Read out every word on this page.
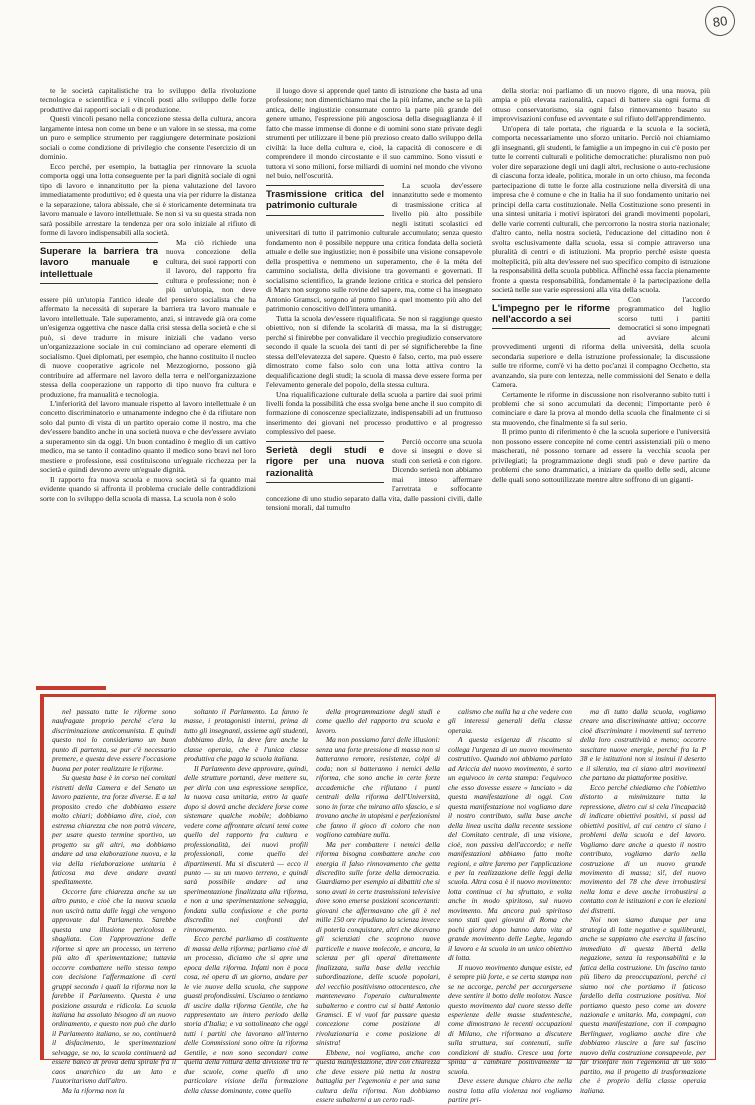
80

te le società capitalistiche tra lo sviluppo della rivoluzione tecnologica e scientifica e i vincoli posti allo sviluppo delle forze produttive dai rapporti sociali e di produzione.

Questi vincoli pesano nella concezione stessa della cultura, ancora largamente intesa non come un bene e un valore in se stessa, ma come un puro e semplice strumento per raggiungere determinate posizioni sociali o come condizione di privilegio che consente l'esercizio di un dominio.

Ecco perché, per esempio, la battaglia per rinnovare la scuola comporta oggi una lotta conseguente per la pari dignità sociale di ogni tipo di lavoro e innanzitutto per la piena valutazione del lavoro immediatamente produttivo; ed è questa una via per ridurre la distanza e la separazione, talora abissale, che si è storicamente determinata tra lavoro manuale e lavoro intellettuale. Se non si va su questa strada non sarà possibile arrestare la tendenza per ora solo iniziale al rifiuto di forme di lavoro indispensabili alla società.

Superare la barriera tra lavoro manuale e intellettuale

Ma ciò richiede una nuova concezione della cultura, dei suoi rapporti con il lavoro, del rapporto fra cultura e professione; non è più un'utopia, non deve essere più un'utopia l'antico ideale del pensiero socialista che ha affermato la necessità di superare la barriera tra lavoro manuale e lavoro intellettuale. Tale superamento, anzi, si intravede già ora come un'esigenza oggettiva che nasce dalla crisi stessa della società e che si può, si deve tradurre in misure iniziali che vadano verso un'organizzazione sociale in cui cominciano ad operare elementi di socialismo. Quei diplomati, per esempio, che hanno costituito il nucleo di nuove cooperative agricole nel Mezzogiorno, possono già contribuire ad affermare nel lavoro della terra e nell'organizzazione stessa della cooperazione un rapporto di tipo nuovo fra cultura e produzione, fra manualità e tecnologia.

L'inferiorità del lavoro manuale rispetto al lavoro intellettuale è un concetto discriminatorio e umanamente indegno che è da rifiutare non solo dal punto di vista di un partito operaio come il nostro, ma che dev'essere bandito anche in una società nuova e che dev'essere avviato a superamento sin da oggi. Un buon contadino è meglio di un cattivo medico, ma se tanto il contadino quanto il medico sono bravi nel loro mestiere e professione, essi costituiscono un'eguale ricchezza per la società e quindi devono avere un'eguale dignità.

Il rapporto fra nuova scuola e nuova società si fa quanto mai evidente quando si affronta il problema cruciale delle contraddizioni sorte con lo sviluppo della scuola di massa. La scuola non è solo

il luogo dove si apprende quel tanto di istruzione che basta ad una professione; non dimentichiamo mai che la più infame, anche se la più antica, delle ingiustizie consumate contro la parte più grande del genere umano, l'espressione più angosciosa della diseguaglianza è il fatto che masse immense di donne e di uomini sono state private degli strumenti per utilizzare il bene più prezioso creato dallo sviluppo della civiltà: la luce della cultura e, cioè, la capacità di conoscere e di comprendere il mondo circostante e il suo cammino. Sono vissuti e tuttora vi sono milioni, forse miliardi di uomini nel mondo che vivono nel buio, nell'oscurità.

Trasmissione critica del patrimonio culturale

La scuola dev'essere innanzitutto sede e momento di trasmissione critica al livello più alto possibile negli istituti scolastici ed universitari di tutto il patrimonio culturale accumulato; senza questo fondamento non è possibile neppure una critica fondata della società attuale e delle sue ingiustizie; non è possibile una visione consapevole della prospettiva e nemmeno un superamento, che è la méta del cammino socialista, della divisione tra governanti e governati. Il socialismo scientifico, la grande lezione critica e storica del pensiero di Marx non sorgono sulle rovine del sapere, ma, come ci ha insegnato Antonio Gramsci, sorgono al punto fino a quel momento più alto del patrimonio conoscitivo dell'intera umanità.

Tutta la scuola dev'essere riqualificata. Se non si raggiunge questo obiettivo, non si difende la scolarità di massa, ma la si distrugge; perché si finirebbe per convalidare il vecchio pregiudizio conservatore secondo il quale la scuola dei tanti di per sé significherebbe la fine stessa dell'elevatezza del sapere. Questo è falso, certo, ma può essere dimostrato come falso solo con una lotta attiva contro la dequalificazione degli studi; la scuola di massa deve essere forma per l'elevamento generale del popolo, della stessa cultura.

Una riqualificazione culturale della scuola a partire dai suoi primi livelli fonda la possibilità che essa svolga bene anche il suo compito di formazione di conoscenze specializzate, indispensabili ad un fruttuoso inserimento dei giovani nel processo produttivo e al progresso complessivo del paese.

Serietà degli studi e rigore per una nuova razionalità

Perciò occorre una scuola dove si insegni e dove si studi con serietà e con rigore. Dicendo serietà non abbiamo mai inteso affermare l'arretrata e soffocante concezione di uno studio separato dalla vita, dalle passioni civili, dalle tensioni morali, dal tumulto

della storia: noi parliamo di un nuovo rigore, di una nuova, più ampia e più elevata razionalità, capaci di battere sia ogni forma di ottuso conservatorismo, sia ogni falso rinnovamento basato su improvvisazioni confuse ed avventate e sul rifiuto dell'apprendimento.

Un'opera di tale portata, che riguarda e la scuola e la società, comporta necessariamente uno sforzo unitario. Perciò noi chiamiamo gli insegnanti, gli studenti, le famiglie a un impegno in cui c'è posto per tutte le correnti culturali e politiche democratiche: pluralismo non può voler dire separazione degli uni dagli altri, reclusione o auto-reclusione di ciascuna forza ideale, politica, morale in un orto chiuso, ma feconda partecipazione di tutte le forze alla costruzione nella diversità di una impresa che è comune e che in Italia ha il suo fondamento unitario nei principi della carta costituzionale. Nella Costituzione sono presenti in una sintesi unitaria i motivi ispiratori dei grandi movimenti popolari, delle varie correnti culturali, che percorrono la nostra storia nazionale; d'altro canto, nella nostra società, l'educazione del cittadino non è svolta esclusivamente dalla scuola, essa si compie attraverso una pluralità di centri e di istituzioni. Ma proprio perché esiste questa molteplicità, più alta dev'essere nel suo specifico compito di istruzione la responsabilità della scuola pubblica. Affinché essa faccia pienamente fronte a questa responsabilità, fondamentale è la partecipazione della società nelle sue varie espressioni alla vita della scuola.

L'impegno per le riforme nell'accordo a sei

Con l'accordo programmatico del luglio scorso tutti i partiti democratici si sono impegnati ad avviare alcuni provvedimenti urgenti di riforma della università, della scuola secondaria superiore e della istruzione professionale; la discussione sulle tre riforme, com'è vi ha detto poc'anzi il compagno Occhetto, sta avanzando, sia pure con lentezza, nelle commissioni del Senato e della Camera.

Certamente le riforme in discussione non risolveranno subito tutti i problemi che si sono accumulati da decenni; l'importante però è cominciare e dare la prova al mondo della scuola che finalmente ci si sta muovendo, che finalmente si fa sul serio.

Il primo punto di riferimento è che la scuola superiore e l'università non possono essere concepite né come centri assistenziali più o meno mascherati, né possono tornare ad essere la vecchia scuola per privilegiati; la programmazione degli studi può e deve partire da problemi che sono drammatici, a iniziare da quello delle sedi, alcune delle quali sono sottoutilizzate mentre altre soffrono di un giganti-

nel passato tutte le riforme sono naufragate proprio perché c'era la discriminazione anticomunista. E quindi questo noi lo consideriamo un buon punto di partenza, se pur c'è necessario premere, e questa deve essere l'occasione buona per poter realizzare le riforme.

Su questa base è in corso nei comitati ristretti della Camera e del Senato un lavoro paziente, tra forze diverse. E a tal proposito credo che dobbiamo essere molto chiari; dobbiamo dire, cioè, con estrema chiarezza che non potrà vincere, per usare questo termine sportivo, un progetto su gli altri, ma dobbiamo andare ad una elaborazione nuova, e la via della rielaborazione unitaria è faticosa ma deve andare avanti speditamente.

Occorre fare chiarezza anche su un altro punto, e cioè che la nuova scuola non uscirà tutta dalle leggi che vengono approvate dal Parlamento. Sarebbe questa una illusione pericolosa e sbagliata. Con l'approvazione delle riforme si apre un processo, un terreno più alto di sperimentazione; tuttavia occorre combattere nello stesso tempo con decisione l'affermazione di certi gruppi secondo i quali la riforma non la farebbe il Parlamento. Questa è una posizione assurda e ridicola. La scuola italiana ha assoluto bisogno di un nuovo ordinamento, e questo non può che darlo il Parlamento italiano, se no, continuerà il disfacimento, le sperimentazioni selvagge, se no, la scuola continuerà ad essere banco di prova della spirale fra il caos anarchico da un lato e l'autoritarismo dall'altro.

Ma la riforma non la

soltanto il Parlamento. La fanno le masse, i protagonisti interni, prima di tutto gli insegnanti, assieme agli studenti, dobbiamo dirlo, la deve fare anche la classe operaia, che è l'unica classe produttiva che paga la scuola italiana.

Il Parlamento deve approvare, quindi, delle strutture portanti, deve mettere su, per dirla con una espressione semplice, la nuova casa unitaria, entro la quale dopo si dovrà anche decidere forse come sistemare qualche mobile; dobbiamo vedere come affrontare alcuni temi come quello del rapporto fra cultura e professionalità, dei nuovi profili professionali, come quello dei dipartimenti. Ma si discuterà — ecco il punto — su un nuovo terreno, e quindi sarà possibile andare ad una sperimentazione finalizzata alla riforma, e non a una sperimentazione selvaggia, fondata sulla confusione e che porta discredito nei confronti del rinnovamento.

Ecco perché parliamo di costituente di massa della riforma; parliamo cioè di un processo, diciamo che si apre una epoca della riforma. Infatti non è poca cosa, né opera di un giorno, andare per le vie nuove della scuola, che suppone guasti profondissimi. Usciamo o tentiamo di uscire dalla riforma Gentile, che ha rappresentato un intero periodo della storia d'Italia; e va sottolineato che oggi tutti i partiti che lavorano all'interno delle Commissioni sono oltre la riforma Gentile, e non sono secondari come quella della rottura della divisione tra le due scuole, come quello di uno particolare visione della formazione della classe dominante, come quello

della programmazione degli studi e come quello del rapporto tra scuola e lavoro.

Ma non possiamo farci delle illusioni: senza una forte pressione di massa non si batteranno remore, resistenze, colpi di coda; non si batteranno i nemici della riforma, che sono anche in certe forze accademiche che rifiutano i punti centrali della riforma dell'Università, sono in forze che mirano allo sfascio, e si trovano anche in utopismi e perfezionismi che fanno il gioco di coloro che non vogliono cambiare nulla.

Ma per combattere i nemici della riforma bisogna combattere anche con energia il falso rinnovamento che getta discredito sulle forze della democrazia. Guardiamo per esempio ai dibattiti che si sono avuti in certe trasmissioni televisive dove sono emerse posizioni sconcertanti: giovani che affermavano che gli è nel mille 150 ore ripudiano la scienza invece di poterla conquistare, altri che dicevano gli scienziati che scoprono nuove particelle e nuove molecole, e ancora, la scienza per gli operai direttamente finalizzata, sulla base della vecchia subordinazione, delle scuole popolari, del vecchio positivismo ottocentesco, che mantenevano l'operaio culturalmente subalterno e contro cui si batté Antonio Gramsci. E vi vuol far passare questa concezione come posizione di rivoluzionaria e come posizione di sinistra!

Ebbene, noi vogliamo, anche con questa manifestazione, dire con chiarezza che deve essere più netta la nostra battaglia per l'egemonia e per una sana cultura della riforma. Non dobbiamo essere subalterni a un certo radi-

calismo che nulla ha a che vedere con gli interessi generali della classe operaia.

A questa esigenza di riscatto si collega l'urgenza di un nuovo movimento costruttivo. Quando noi abbiamo parlato ad Ariccia del nuovo movimento, è sorto un equivoco in certa stampa: l'equivoco che esso dovesse essere « lanciato » da questa manifestazione di oggi. Con questa manifestazione noi vogliamo dare il nostro contributo, sulla base anche della linea uscita dalla recente sessione del Comitato centrale, di una visione, cioè, non passiva dell'accordo; e nelle manifestazioni abbiamo fatto molte regioni, e altre faremo per l'applicazione e per la realizzazione delle leggi della scuola. Altra cosa è il nuovo movimento: lotta continua ci ha sfruttato, e volta anche in modo spiritoso, sul nuovo movimento. Ma ancora può spiritoso sono stati quei giovani di Roma che pochi giorni dopo hanno dato vita al grande movimento delle Leghe, legando il lavoro e la scuola in un unico obiettivo di lotta.

Il nuovo movimento dunque esiste, ed è sempre più forte, e se certa stampa non se ne accorge, perché per accorgersene deve sentire il botto delle molotov. Nasce questo movimento dal cuore stesso delle esperienze delle masse studentesche, come dimostrano le recenti occupazioni di Milano, che riformano a discutere sulla struttura, sui contenuti, sulle condizioni di studio. Cresce una forte spinta a cambiare positivamente la scuola.

Deve essere dunque chiaro che nella nostra lotta alla violenza noi vogliamo partire pri-

ma di tutto dalla scuola, vogliamo creare una discriminante attiva; occorre cioè discriminare i movimenti sul terreno della loro costruttività e meno; occorre suscitare nuove energie, perché fra la P 38 e le istituzioni non si insinui il deserto e il silenzio, ma ci siano altri movimenti che partano da piattaforme positive.

Ecco perché chiediamo che l'obiettivo distorto a minimizzare tutta la repressione, dietro cui si cela l'incapacità di indicare obiettivi positivi, si passi ad obiettivi positivi, al cui centro ci siano i problemi della scuola e del lavoro. Vogliamo dare anche a questo il nostro contributo, vogliamo darlo nella costruzione di un nuovo grande movimento di massa; sì!, del nuovo movimento del 78 che deve irrobustirsi nella lotta e deve anche irrobustirsi a contatto con le istituzioni e con le elezioni dei distretti.

Noi non siamo dunque per una strategia di lotte negative e squilibranti, anche se sappiamo che esercita il fascino immediato di questa libertà della negazione, senza la responsabilità e la fatica della costruzione. Un fascino tanto più libero da preoccupazioni, perché ci siamo noi che portiamo il faticoso fardello della costruzione positiva. Noi portiamo questo peso come un dovere nazionale e unitario. Ma, compagni, con questa manifestazione, con il compagno Berlinguer, vogliamo anche dire che dobbiamo riuscire a fare sul fascino nuovo della costruzione consapevole, per far trionfare non l'egemonia di un solo partito, ma il progetto di trasformazione che è proprio della classe operaia italiana.
